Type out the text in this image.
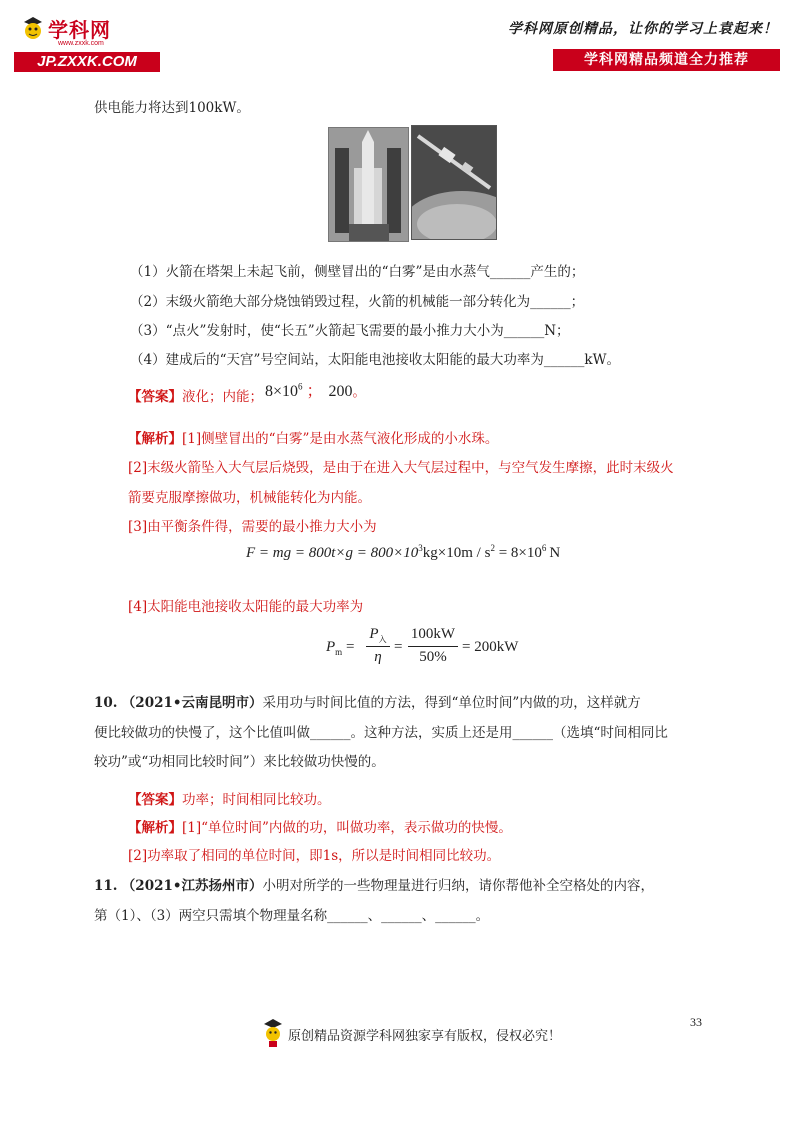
学科网
www.zxxk.com
JP.ZXXK.COM
学科网原创精品，让你的学习上袁起来！
学科网精品频道全力推荐
供电能力将达到100kW。
（1）火箭在塔架上未起飞前，侧壁冒出的“白雾”是由水蒸气______产生的；
（2）末级火箭绝大部分烧蚀销毁过程，火箭的机械能一部分转化为______；
（3）“点火”发射时，使“长五”火箭起飞需要的最小推力大小为______N；
（4）建成后的“天宫”号空间站，太阳能电池接收太阳能的最大功率为______kW。
【答案】液化；内能； $8\times 10^6$ ； 200。
【解析】[1]侧壁冒出的“白雾”是由水蒸气液化形成的小水珠。
[2]末级火箭坠入大气层后烧毁，是由于在进入大气层过程中，与空气发生摩擦，此时末级火
箭要克服摩擦做功，机械能转化为内能。
[3]由平衡条件得，需要的最小推力大小为
F = mg = $800t\times g = 800\times 10^3kg\times 10m / s^2 = 8\times 10^6$ N
[4]太阳能电池接收太阳能的最大功率为
$P_m$ =
$P_入$
η
=
100kW
50%
= 200kW
10. （2021•云南昆明市）采用功与时间比值的方法，得到“单位时间”内做的功，这样就方
便比较做功的快慢了，这个比值叫做______。这种方法，实质上还是用______（选填“时间相同比
较功”或“功相同比较时间”）来比较做功快慢的。
【答案】功率；时间相同比较功。
【解析】[1]“单位时间”内做的功，叫做功率，表示做功的快慢。
[2]功率取了相同的单位时间，即1s，所以是时间相同比较功。
11. （2021•江苏扬州市）小明对所学的一些物理量进行归纳，请你帮他补全空格处的内容，
第（1）、（3）两空只需填个物理量名称______、______、______。
33
原创精品资源学科网独家享有版权，侵权必究！
